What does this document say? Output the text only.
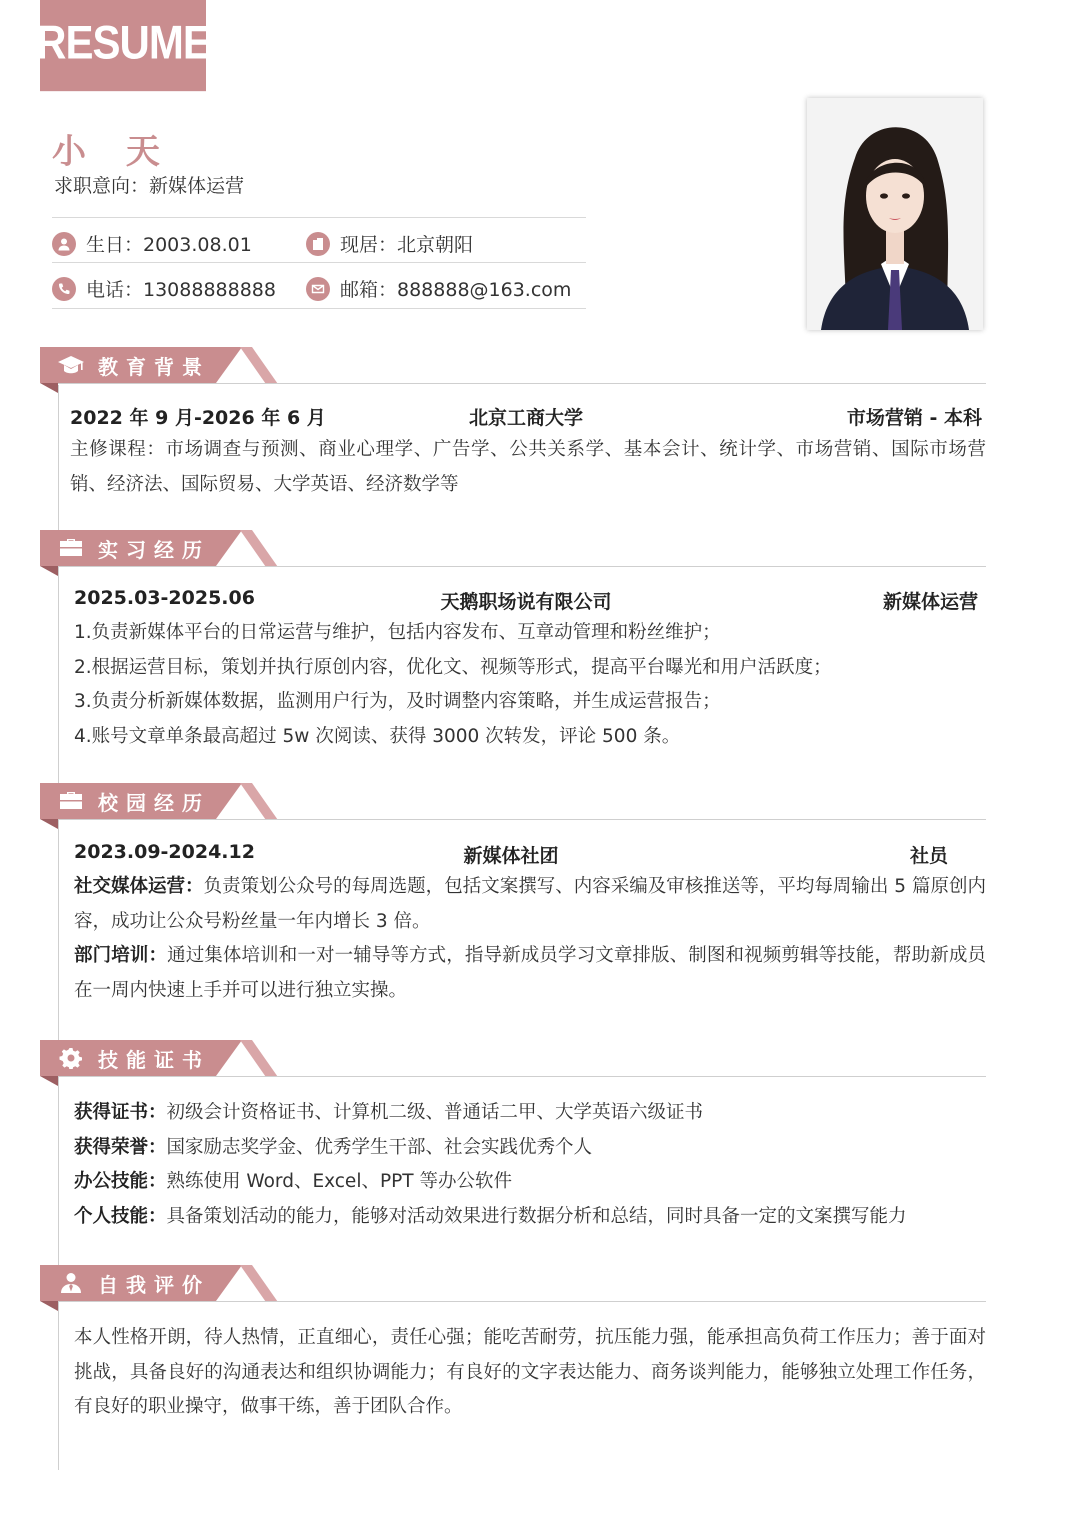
RESUME
小 天
求职意向：新媒体运营
生日：2003.08.01	现居：北京朝阳
电话：13088888888	邮箱：888888@163.com
教育背景
2022 年 9 月-2026 年 6 月	北京工商大学	市场营销 - 本科
主修课程：市场调查与预测、商业心理学、广告学、公共关系学、基本会计、统计学、市场营销、国际市场营销、经济法、国际贸易、大学英语、经济数学等
实习经历
2025.03-2025.06	天鹅职场说有限公司	新媒体运营
1.负责新媒体平台的日常运营与维护，包括内容发布、互章动管理和粉丝维护；
2.根据运营目标，策划并执行原创内容，优化文、视频等形式，提高平台曝光和用户活跃度；
3.负责分析新媒体数据，监测用户行为，及时调整内容策略，并生成运营报告；
4.账号文章单条最高超过 5w 次阅读、获得 3000 次转发，评论 500 条。
校园经历
2023.09-2024.12	新媒体社团	社员
社交媒体运营：负责策划公众号的每周选题，包括文案撰写、内容采编及审核推送等，平均每周输出 5 篇原创内容，成功让公众号粉丝量一年内增长 3 倍。
部门培训：通过集体培训和一对一辅导等方式，指导新成员学习文章排版、制图和视频剪辑等技能，帮助新成员在一周内快速上手并可以进行独立实操。
技能证书
获得证书：初级会计资格证书、计算机二级、普通话二甲、大学英语六级证书
获得荣誉：国家励志奖学金、优秀学生干部、社会实践优秀个人
办公技能：熟练使用 Word、Excel、PPT 等办公软件
个人技能：具备策划活动的能力，能够对活动效果进行数据分析和总结，同时具备一定的文案撰写能力
自我评价
本人性格开朗，待人热情，正直细心，责任心强；能吃苦耐劳，抗压能力强，能承担高负荷工作压力；善于面对挑战，具备良好的沟通表达和组织协调能力；有良好的文字表达能力、商务谈判能力，能够独立处理工作任务，有良好的职业操守，做事干练，善于团队合作。
